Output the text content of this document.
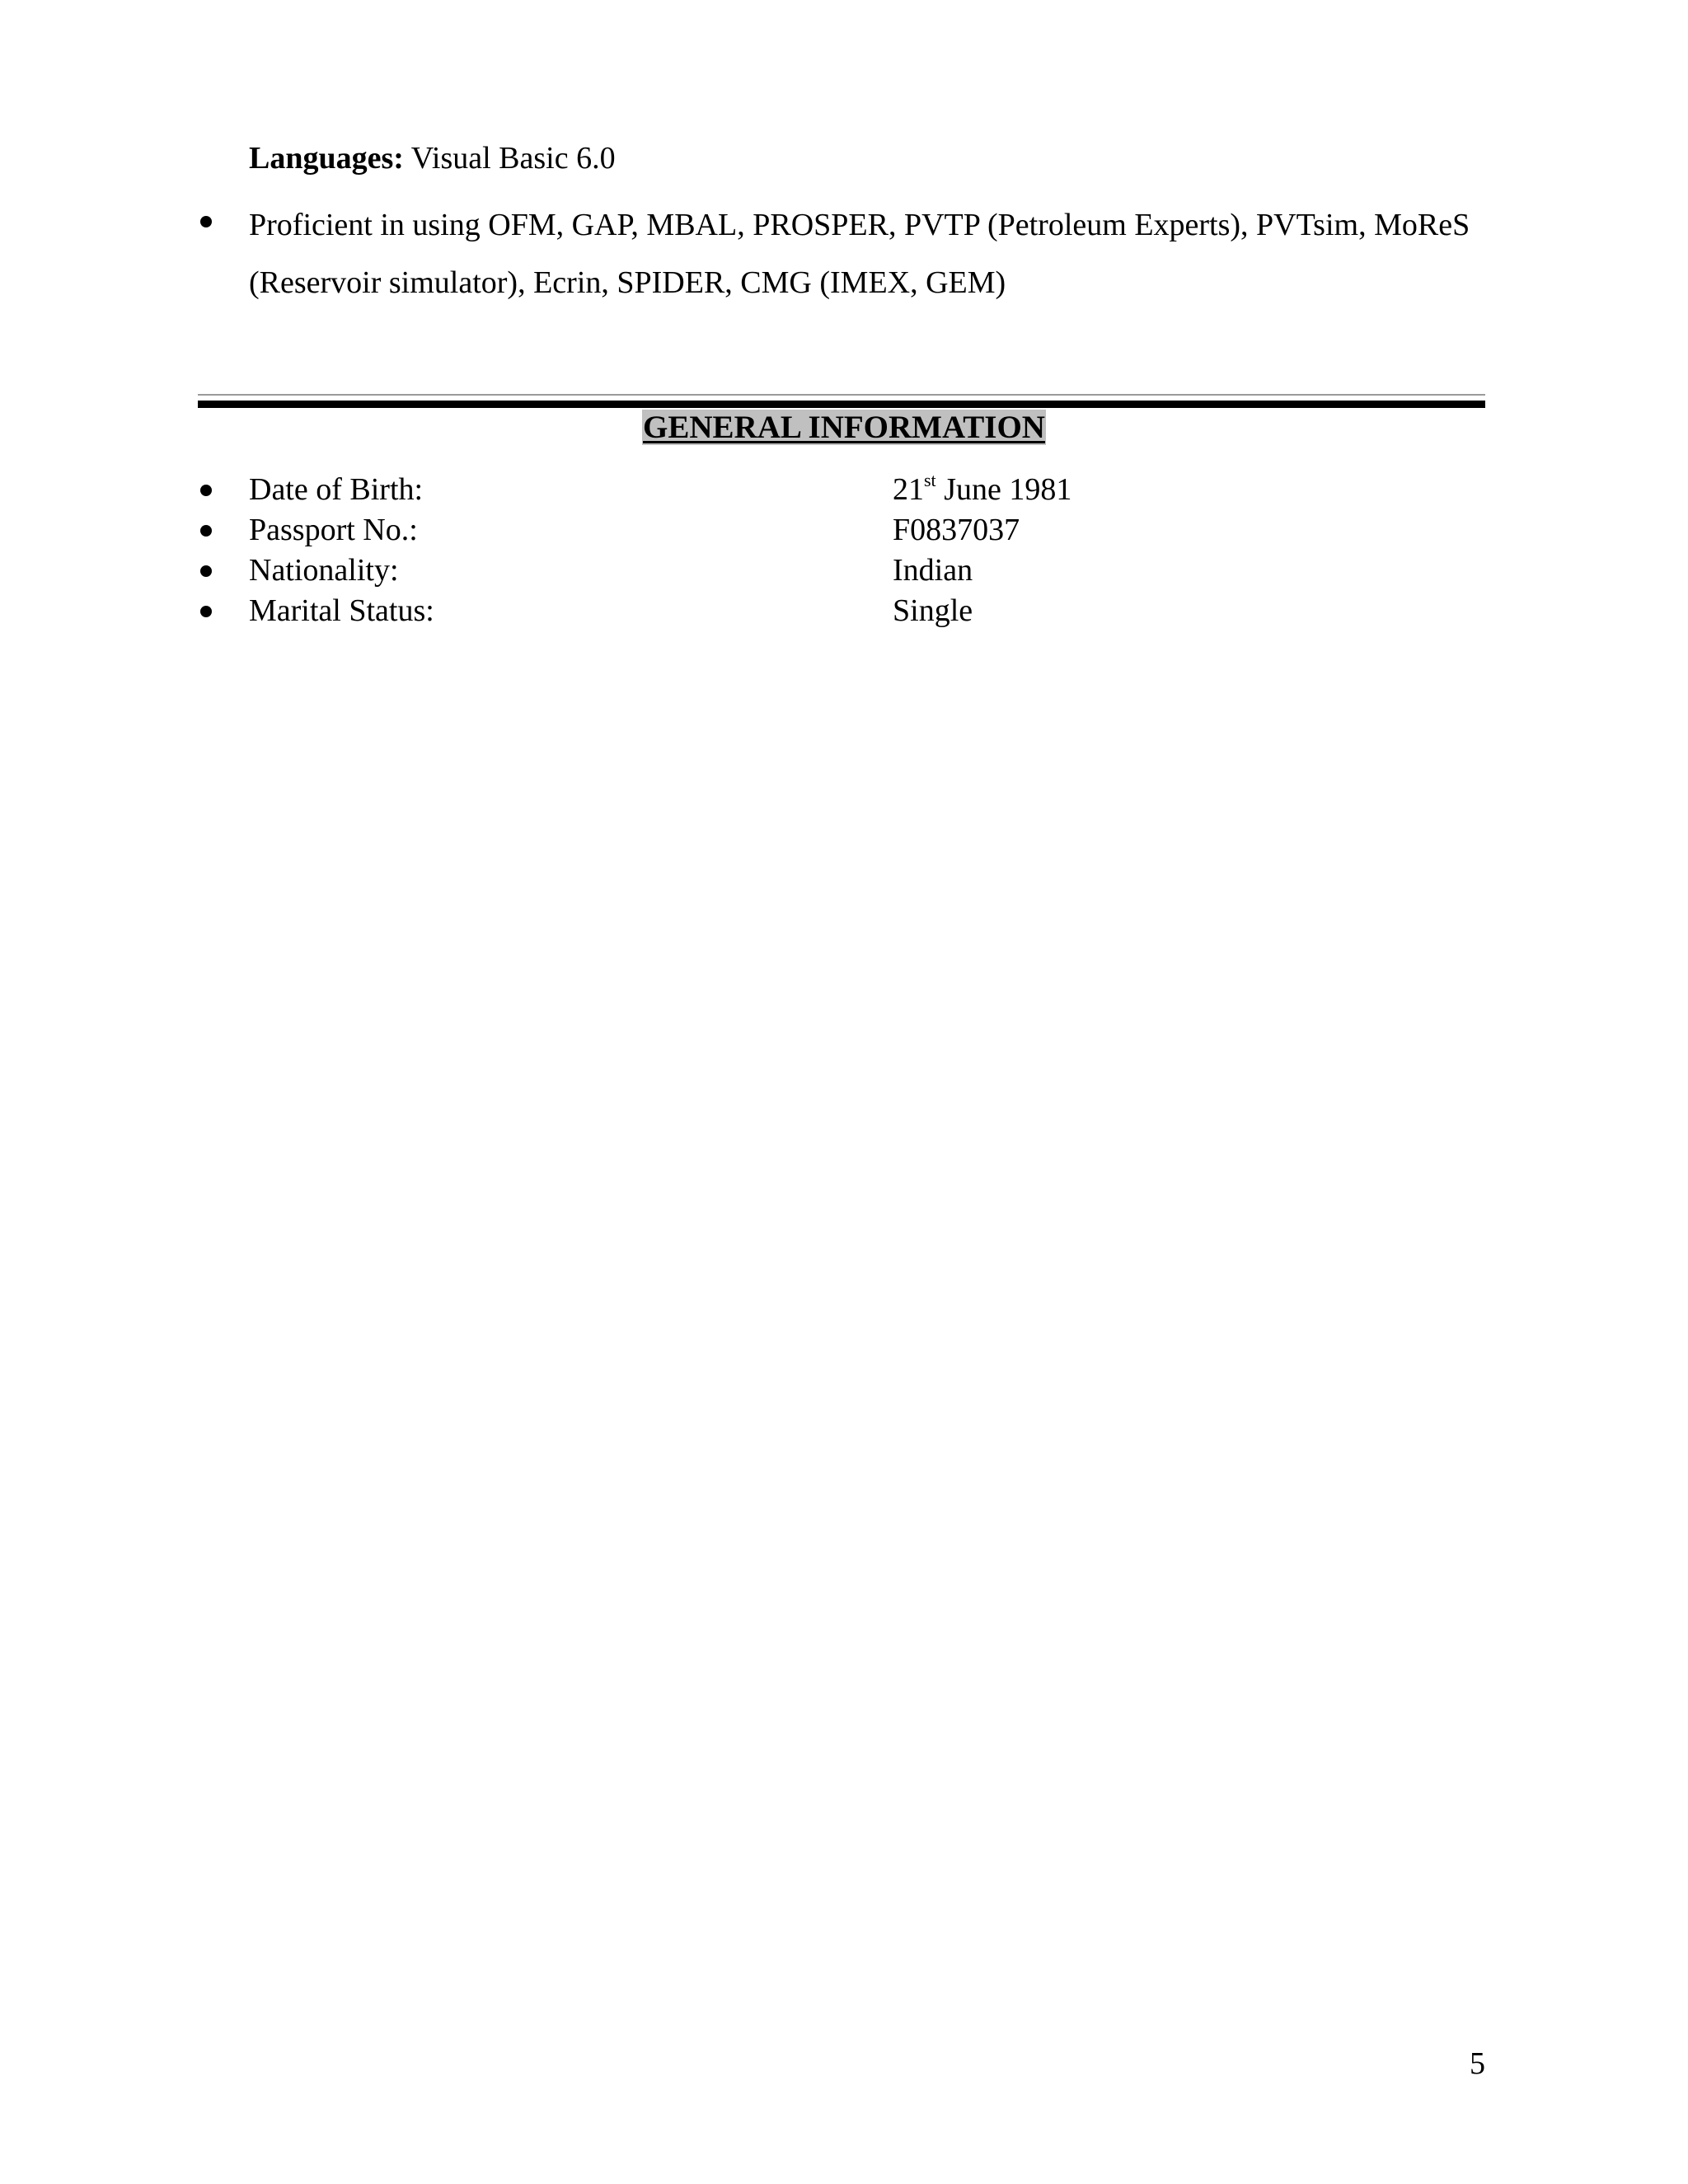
Languages: Visual Basic 6.0
Proficient in using OFM, GAP, MBAL, PROSPER, PVTP (Petroleum Experts), PVTsim, MoReS (Reservoir simulator), Ecrin, SPIDER, CMG (IMEX, GEM)
GENERAL INFORMATION
Date of Birth:	21st June 1981
Passport No.:	F0837037
Nationality:	Indian
Marital Status:	Single
5
